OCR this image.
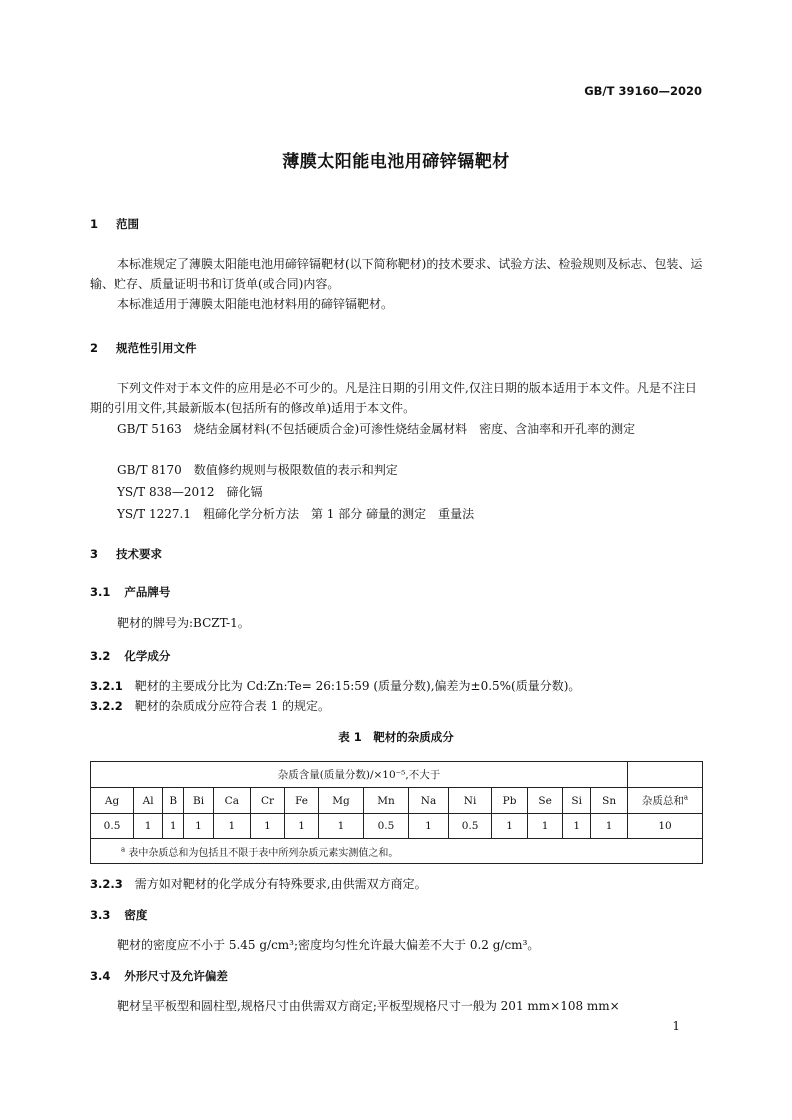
GB/T 39160—2020
薄膜太阳能电池用碲锌镉靶材
1 范围
本标准规定了薄膜太阳能电池用碲锌镉靶材(以下简称靶材)的技术要求、试验方法、检验规则及标志、包装、运输、贮存、质量证明书和订货单(或合同)内容。
本标准适用于薄膜太阳能电池材料用的碲锌镉靶材。
2 规范性引用文件
下列文件对于本文件的应用是必不可少的。凡是注日期的引用文件,仅注日期的版本适用于本文件。凡是不注日期的引用文件,其最新版本(包括所有的修改单)适用于本文件。
GB/T 5163　烧结金属材料(不包括硬质合金)可渗性烧结金属材料　密度、含油率和开孔率的测定
GB/T 8170　数值修约规则与极限数值的表示和判定
YS/T 838—2012　碲化镉
YS/T 1227.1　粗碲化学分析方法　第 1 部分 碲量的测定　重量法
3 技术要求
3.1 产品牌号
靶材的牌号为:BCZT-1。
3.2 化学成分
3.2.1 靶材的主要成分比为 Cd:Zn:Te= 26:15:59 (质量分数),偏差为±0.5%(质量分数)。
3.2.2 靶材的杂质成分应符合表 1 的规定。
表 1　靶材的杂质成分
杂质含量(质量分数)/×10⁻⁵,不大于															
Ag	Al	B	Bi	Ca	Cr	Fe	Mg	Mn	Na	Ni	Pb	Se	Si	Sn	杂质总和$^a$
0.5	1	1	1	1	1	1	1	0.5	1	0.5	1	1	1	1	10
$^a$ 表中杂质总和为包括且不限于表中所列杂质元素实测值之和。															
3.2.3 需方如对靶材的化学成分有特殊要求,由供需双方商定。
3.3 密度
靶材的密度应不小于 5.45 g/cm³;密度均匀性允许最大偏差不大于 0.2 g/cm³。
3.4 外形尺寸及允许偏差
靶材呈平板型和圆柱型,规格尺寸由供需双方商定;平板型规格尺寸一般为 201 mm×108 mm×
1
